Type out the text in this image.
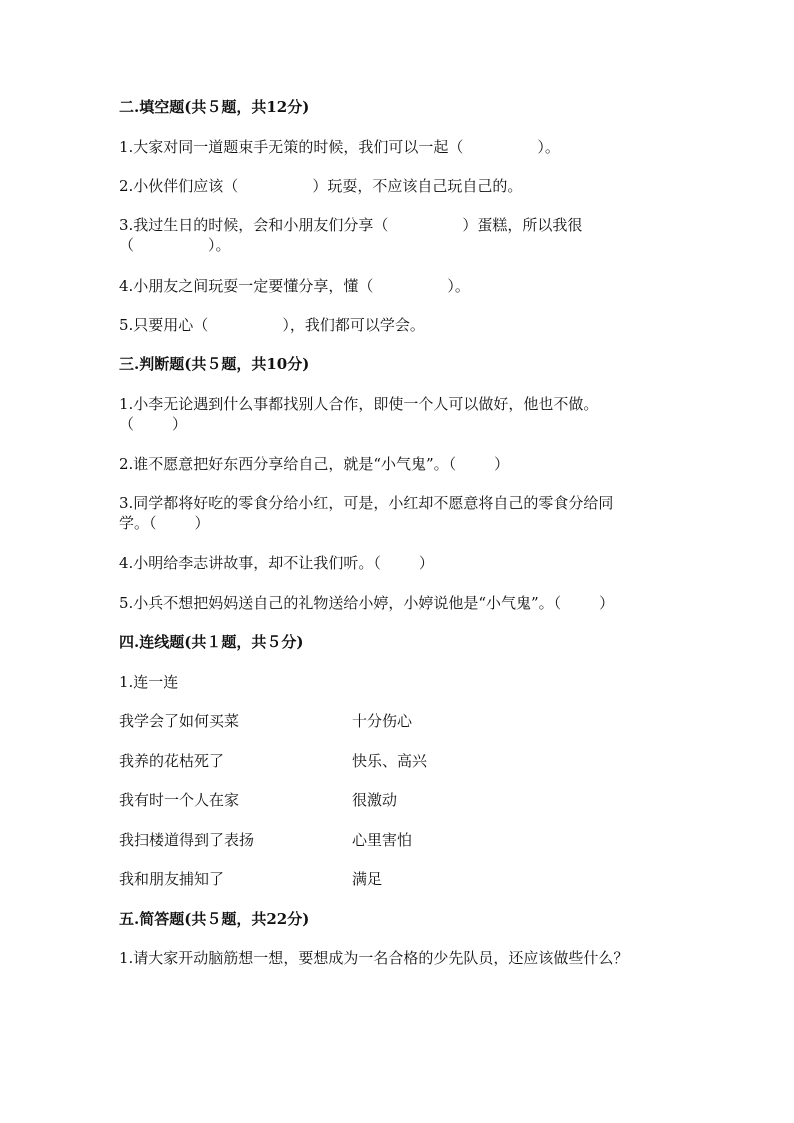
二.填空题(共５题，共12分)
1.大家对同一道题束手无策的时候，我们可以一起（	）。
2.小伙伴们应该（	）玩耍，不应该自己玩自己的。
3.我过生日的时候，会和小朋友们分享（	）蛋糕，所以我很
（	）。
4.小朋友之间玩耍一定要懂分享，懂（	）。
5.只要用心（	），我们都可以学会。
三.判断题(共５题，共10分)
1.小李无论遇到什么事都找别人合作，即使一个人可以做好，他也不做。
（	）
2.谁不愿意把好东西分享给自己，就是“小气鬼”。（	）
3.同学都将好吃的零食分给小红，可是，小红却不愿意将自己的零食分给同
学。（	）
4.小明给李志讲故事，却不让我们听。（	）
5.小兵不想把妈妈送自己的礼物送给小婷，小婷说他是“小气鬼”。（	）
四.连线题(共１题，共５分)
1.连一连
我学会了如何买菜	十分伤心
我养的花枯死了	快乐、高兴
我有时一个人在家	很激动
我扫楼道得到了表扬	心里害怕
我和朋友捕知了	满足
五.简答题(共５题，共22分)
1.请大家开动脑筋想一想，要想成为一名合格的少先队员，还应该做些什么？
